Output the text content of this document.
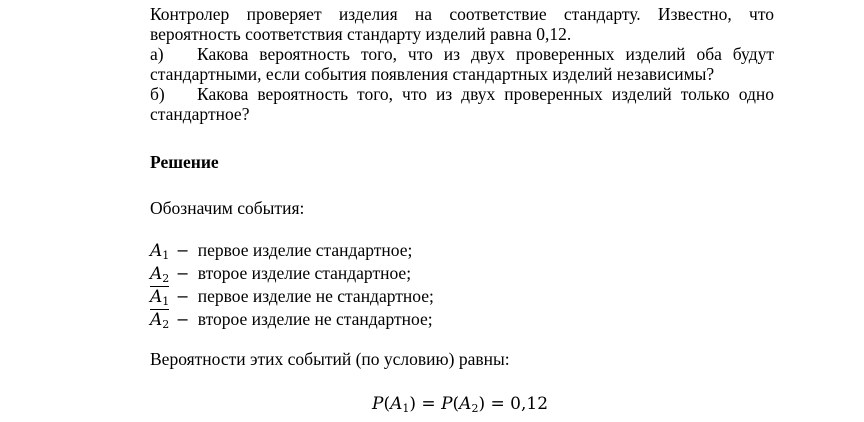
Контролер проверяет изделия на соответствие стандарту. Известно, что
вероятность соответствия стандарту изделий равна 0,12.
а)	Какова вероятность того, что из двух проверенных изделий оба будут
стандартными, если события появления стандартных изделий независимы?
б)	Какова вероятность того, что из двух проверенных изделий только одно
стандартное?
Решение
Обозначим события:
$A_1$ − первое изделие стандартное;
$A_2$ − второе изделие стандартное;
$A_1$ − первое изделие не стандартное;
$A_2$ − второе изделие не стандартное;
Вероятности этих событий (по условию) равны:
$P(A_1) = P(A_2) = 0,12$
